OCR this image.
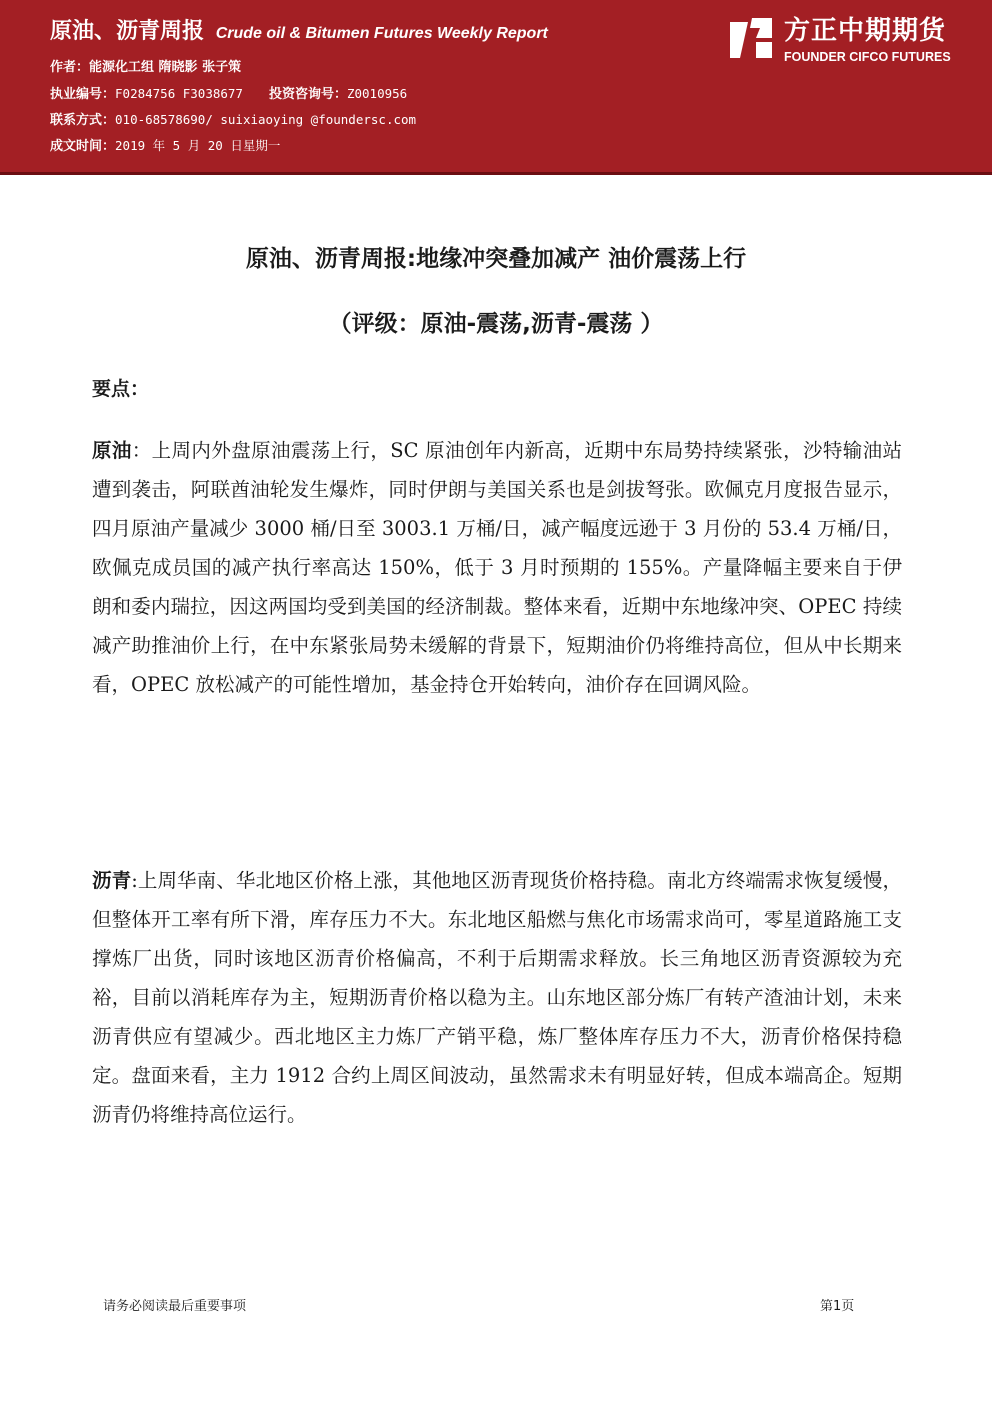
原油、沥青周报 Crude oil & Bitumen Futures Weekly Report
作者：能源化工组 隋晓影 张子策
执业编号：F0284756 F3038677 投资咨询号：Z0010956
联系方式：010-68578690/ suixiaoying @foundersc.com
成文时间：2019 年 5 月 20 日星期一
方正中期期货
FOUNDER CIFCO FUTURES
原油、沥青周报:地缘冲突叠加减产 油价震荡上行
（评级：原油-震荡,沥青-震荡 ）
要点：
原油：上周内外盘原油震荡上行，SC 原油创年内新高，近期中东局势持续紧张，沙特输油站遭到袭击，阿联酋油轮发生爆炸，同时伊朗与美国关系也是剑拔弩张。欧佩克月度报告显示，四月原油产量减少 3000 桶/日至 3003.1 万桶/日，减产幅度远逊于 3 月份的 53.4 万桶/日，欧佩克成员国的减产执行率高达 150%，低于 3 月时预期的 155%。产量降幅主要来自于伊朗和委内瑞拉，因这两国均受到美国的经济制裁。整体来看，近期中东地缘冲突、OPEC 持续减产助推油价上行，在中东紧张局势未缓解的背景下，短期油价仍将维持高位，但从中长期来看，OPEC 放松减产的可能性增加，基金持仓开始转向，油价存在回调风险。
沥青:上周华南、华北地区价格上涨，其他地区沥青现货价格持稳。南北方终端需求恢复缓慢，但整体开工率有所下滑，库存压力不大。东北地区船燃与焦化市场需求尚可，零星道路施工支撑炼厂出货，同时该地区沥青价格偏高，不利于后期需求释放。长三角地区沥青资源较为充裕，目前以消耗库存为主，短期沥青价格以稳为主。山东地区部分炼厂有转产渣油计划，未来沥青供应有望减少。西北地区主力炼厂产销平稳，炼厂整体库存压力不大，沥青价格保持稳定。盘面来看，主力 1912 合约上周区间波动，虽然需求未有明显好转，但成本端高企。短期沥青仍将维持高位运行。
请务必阅读最后重要事项	第1页
